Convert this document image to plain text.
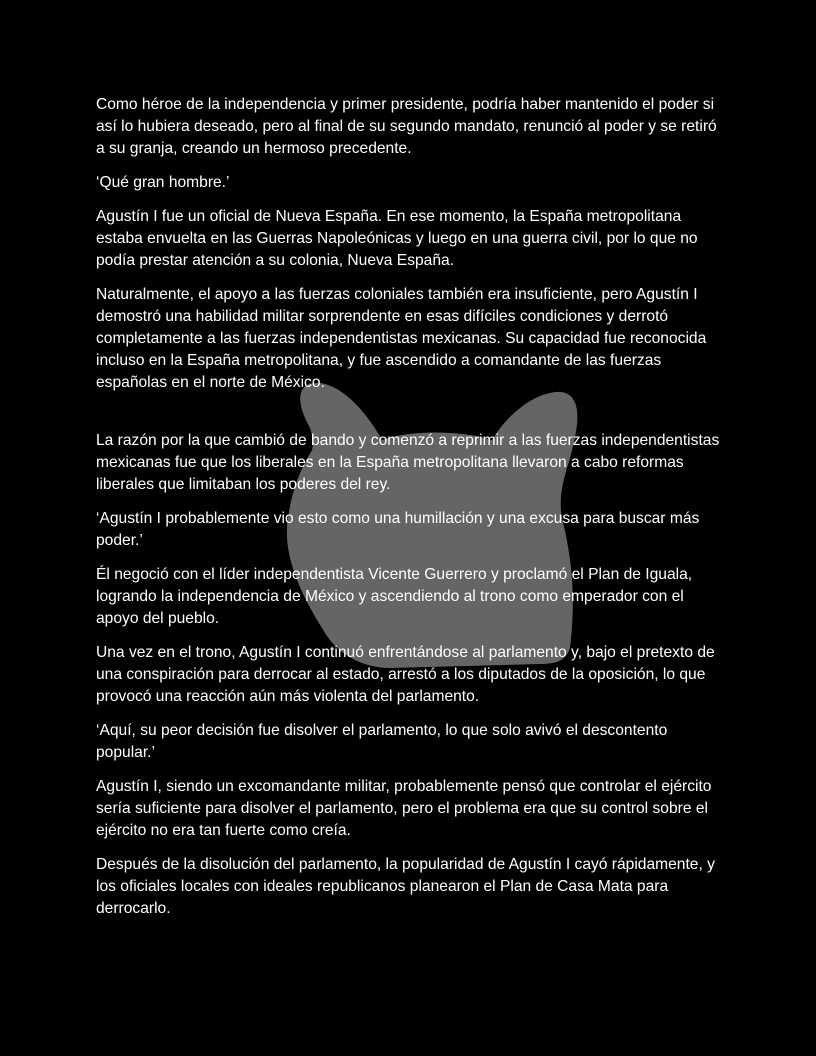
Como héroe de la independencia y primer presidente, podría haber mantenido el poder si así lo hubiera deseado, pero al final de su segundo mandato, renunció al poder y se retiró a su granja, creando un hermoso precedente.

‘Qué gran hombre.’

Agustín I fue un oficial de Nueva España. En ese momento, la España metropolitana estaba envuelta en las Guerras Napoleónicas y luego en una guerra civil, por lo que no podía prestar atención a su colonia, Nueva España.

Naturalmente, el apoyo a las fuerzas coloniales también era insuficiente, pero Agustín I demostró una habilidad militar sorprendente en esas difíciles condiciones y derrotó completamente a las fuerzas independentistas mexicanas. Su capacidad fue reconocida incluso en la España metropolitana, y fue ascendido a comandante de las fuerzas españolas en el norte de México.

La razón por la que cambió de bando y comenzó a reprimir a las fuerzas independentistas mexicanas fue que los liberales en la España metropolitana llevaron a cabo reformas liberales que limitaban los poderes del rey.

‘Agustín I probablemente vio esto como una humillación y una excusa para buscar más poder.’

Él negoció con el líder independentista Vicente Guerrero y proclamó el Plan de Iguala, logrando la independencia de México y ascendiendo al trono como emperador con el apoyo del pueblo.

Una vez en el trono, Agustín I continuó enfrentándose al parlamento y, bajo el pretexto de una conspiración para derrocar al estado, arrestó a los diputados de la oposición, lo que provocó una reacción aún más violenta del parlamento.

‘Aquí, su peor decisión fue disolver el parlamento, lo que solo avivó el descontento popular.’

Agustín I, siendo un excomandante militar, probablemente pensó que controlar el ejército sería suficiente para disolver el parlamento, pero el problema era que su control sobre el ejército no era tan fuerte como creía.

Después de la disolución del parlamento, la popularidad de Agustín I cayó rápidamente, y los oficiales locales con ideales republicanos planearon el Plan de Casa Mata para derrocarlo.
